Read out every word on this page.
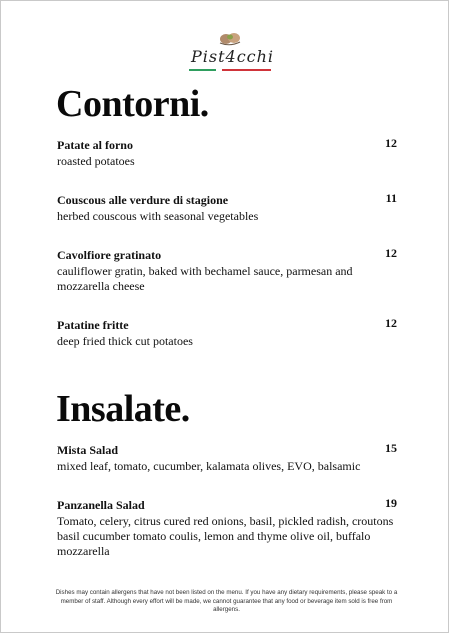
Pist4cchi
Contorni.
Patate al forno	12
roasted potatoes
Couscous alle verdure di stagione	11
herbed couscous with seasonal vegetables
Cavolfiore gratinato	12
cauliflower gratin, baked with bechamel sauce, parmesan and mozzarella cheese
Patatine fritte	12
deep fried thick cut potatoes
Insalate.
Mista Salad	15
mixed leaf, tomato, cucumber, kalamata olives, EVO, balsamic
Panzanella Salad	19
Tomato, celery, citrus cured red onions, basil, pickled radish, croutons basil cucumber tomato coulis, lemon and thyme olive oil, buffalo mozzarella
Dishes may contain allergens that have not been listed on the menu. If you have any dietary requirements, please speak to a member of staff. Although every effort will be made, we cannot guarantee that any food or beverage item sold is free from allergens.
